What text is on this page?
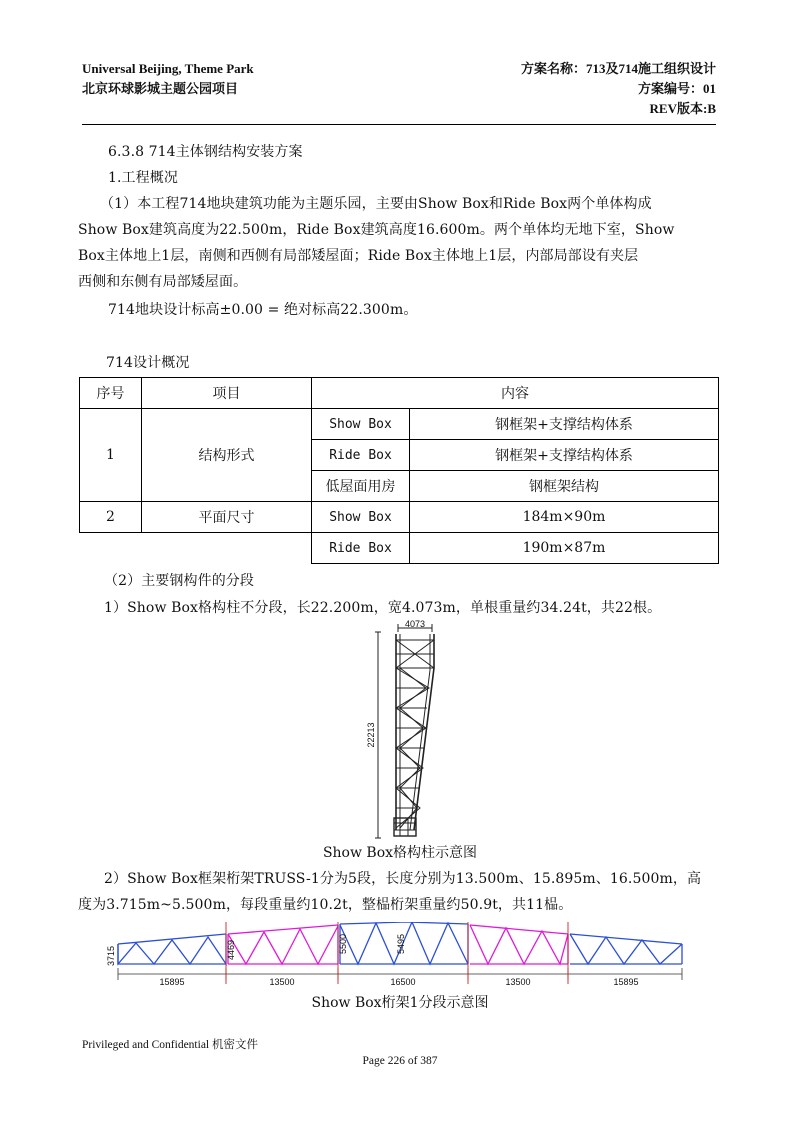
Universal Beijing, Theme Park
北京环球影城主题公园项目
方案名称：713及714施工组织设计
方案编号：01
REV版本:B
6.3.8 714主体钢结构安装方案
1.工程概况
（1）本工程714地块建筑功能为主题乐园，主要由Show Box和Ride Box两个单体构成
Show Box建筑高度为22.500m，Ride Box建筑高度16.600m。两个单体均无地下室，Show
Box主体地上1层，南侧和西侧有局部矮屋面；Ride Box主体地上1层，内部局部设有夹层
西侧和东侧有局部矮屋面。
714地块设计标高±0.00 = 绝对标高22.300m。
714设计概况
序号	项目	内容	
1	结构形式	Show Box	钢框架+支撑结构体系
		Ride Box	钢框架+支撑结构体系
		低屋面用房	钢框架结构
2	平面尺寸	Show Box	184m×90m
		Ride Box	190m×87m
（2）主要钢构件的分段
1）Show Box格构柱不分段，长22.200m，宽4.073m，单根重量约34.24t，共22根。
4073
22213
Show Box格构柱示意图
2）Show Box框架桁架TRUSS-1分为5段，长度分别为13.500m、15.895m、16.500m，高
度为3.715m~5.500m，每段重量约10.2t，整榀桁架重量约50.9t，共11榀。
3715	4469	5500	5495
15895	13500	16500	13500	15895
Show Box桁架1分段示意图
Privileged and Confidential 机密文件
Page 226 of 387
